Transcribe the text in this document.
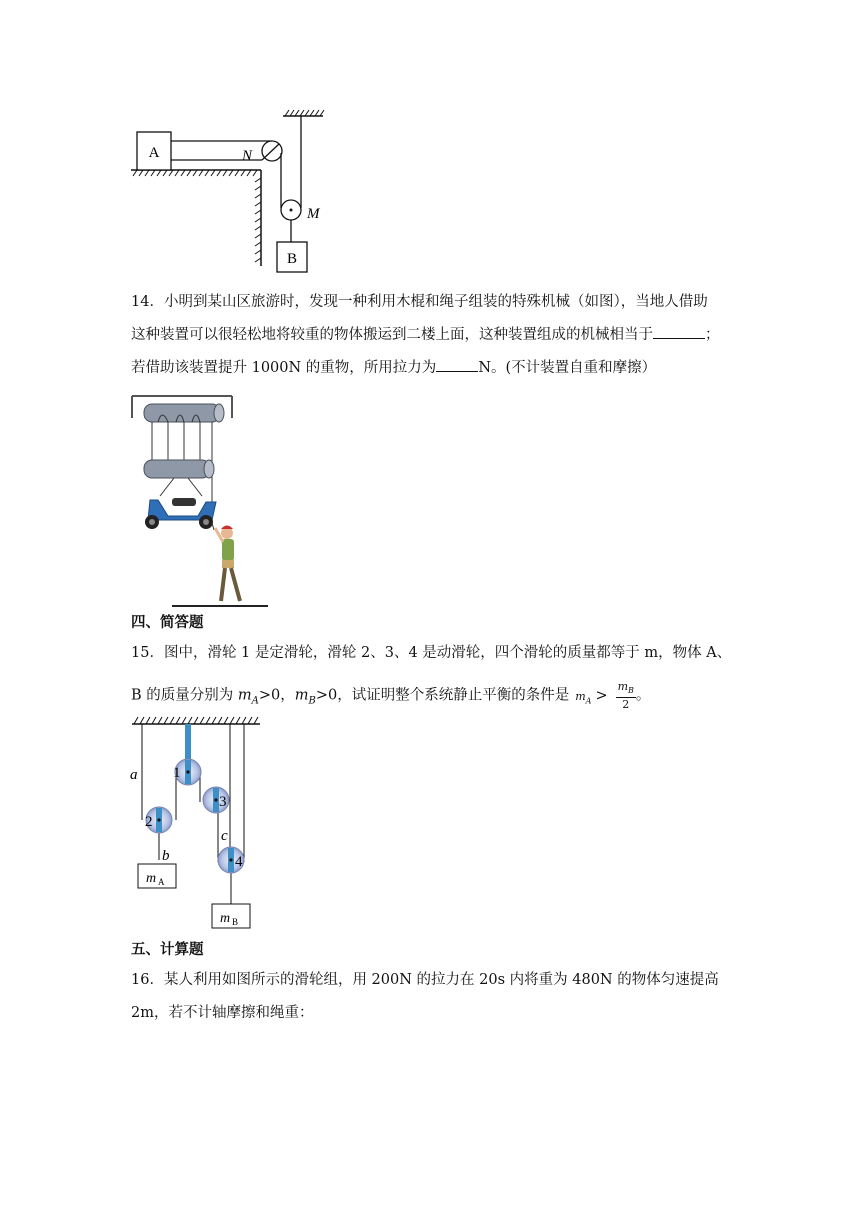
A	N
M
B
14．小明到某山区旅游时，发现一种利用木棍和绳子组装的特殊机械（如图），当地人借助
这种装置可以很轻松地将较重的物体搬运到二楼上面，这种装置组成的机械相当于	；
若借助该装置提升 1000N 的重物，所用拉力为	N。(不计装置自重和摩擦）
四、简答题
15．图中，滑轮 1 是定滑轮，滑轮 2、3、4 是动滑轮，四个滑轮的质量都等于 m，物体 A、
B 的质量分别为 $m_A>0$，$m_B>0$，试证明整个系统静止平衡的条件是 $m_A > \frac{m_B}{2}$ 。
1
2
3
4
a
b
c
m A
m B
五、计算题
16．某人利用如图所示的滑轮组，用 200N 的拉力在 20s 内将重为 480N 的物体匀速提高
2m，若不计轴摩擦和绳重：
